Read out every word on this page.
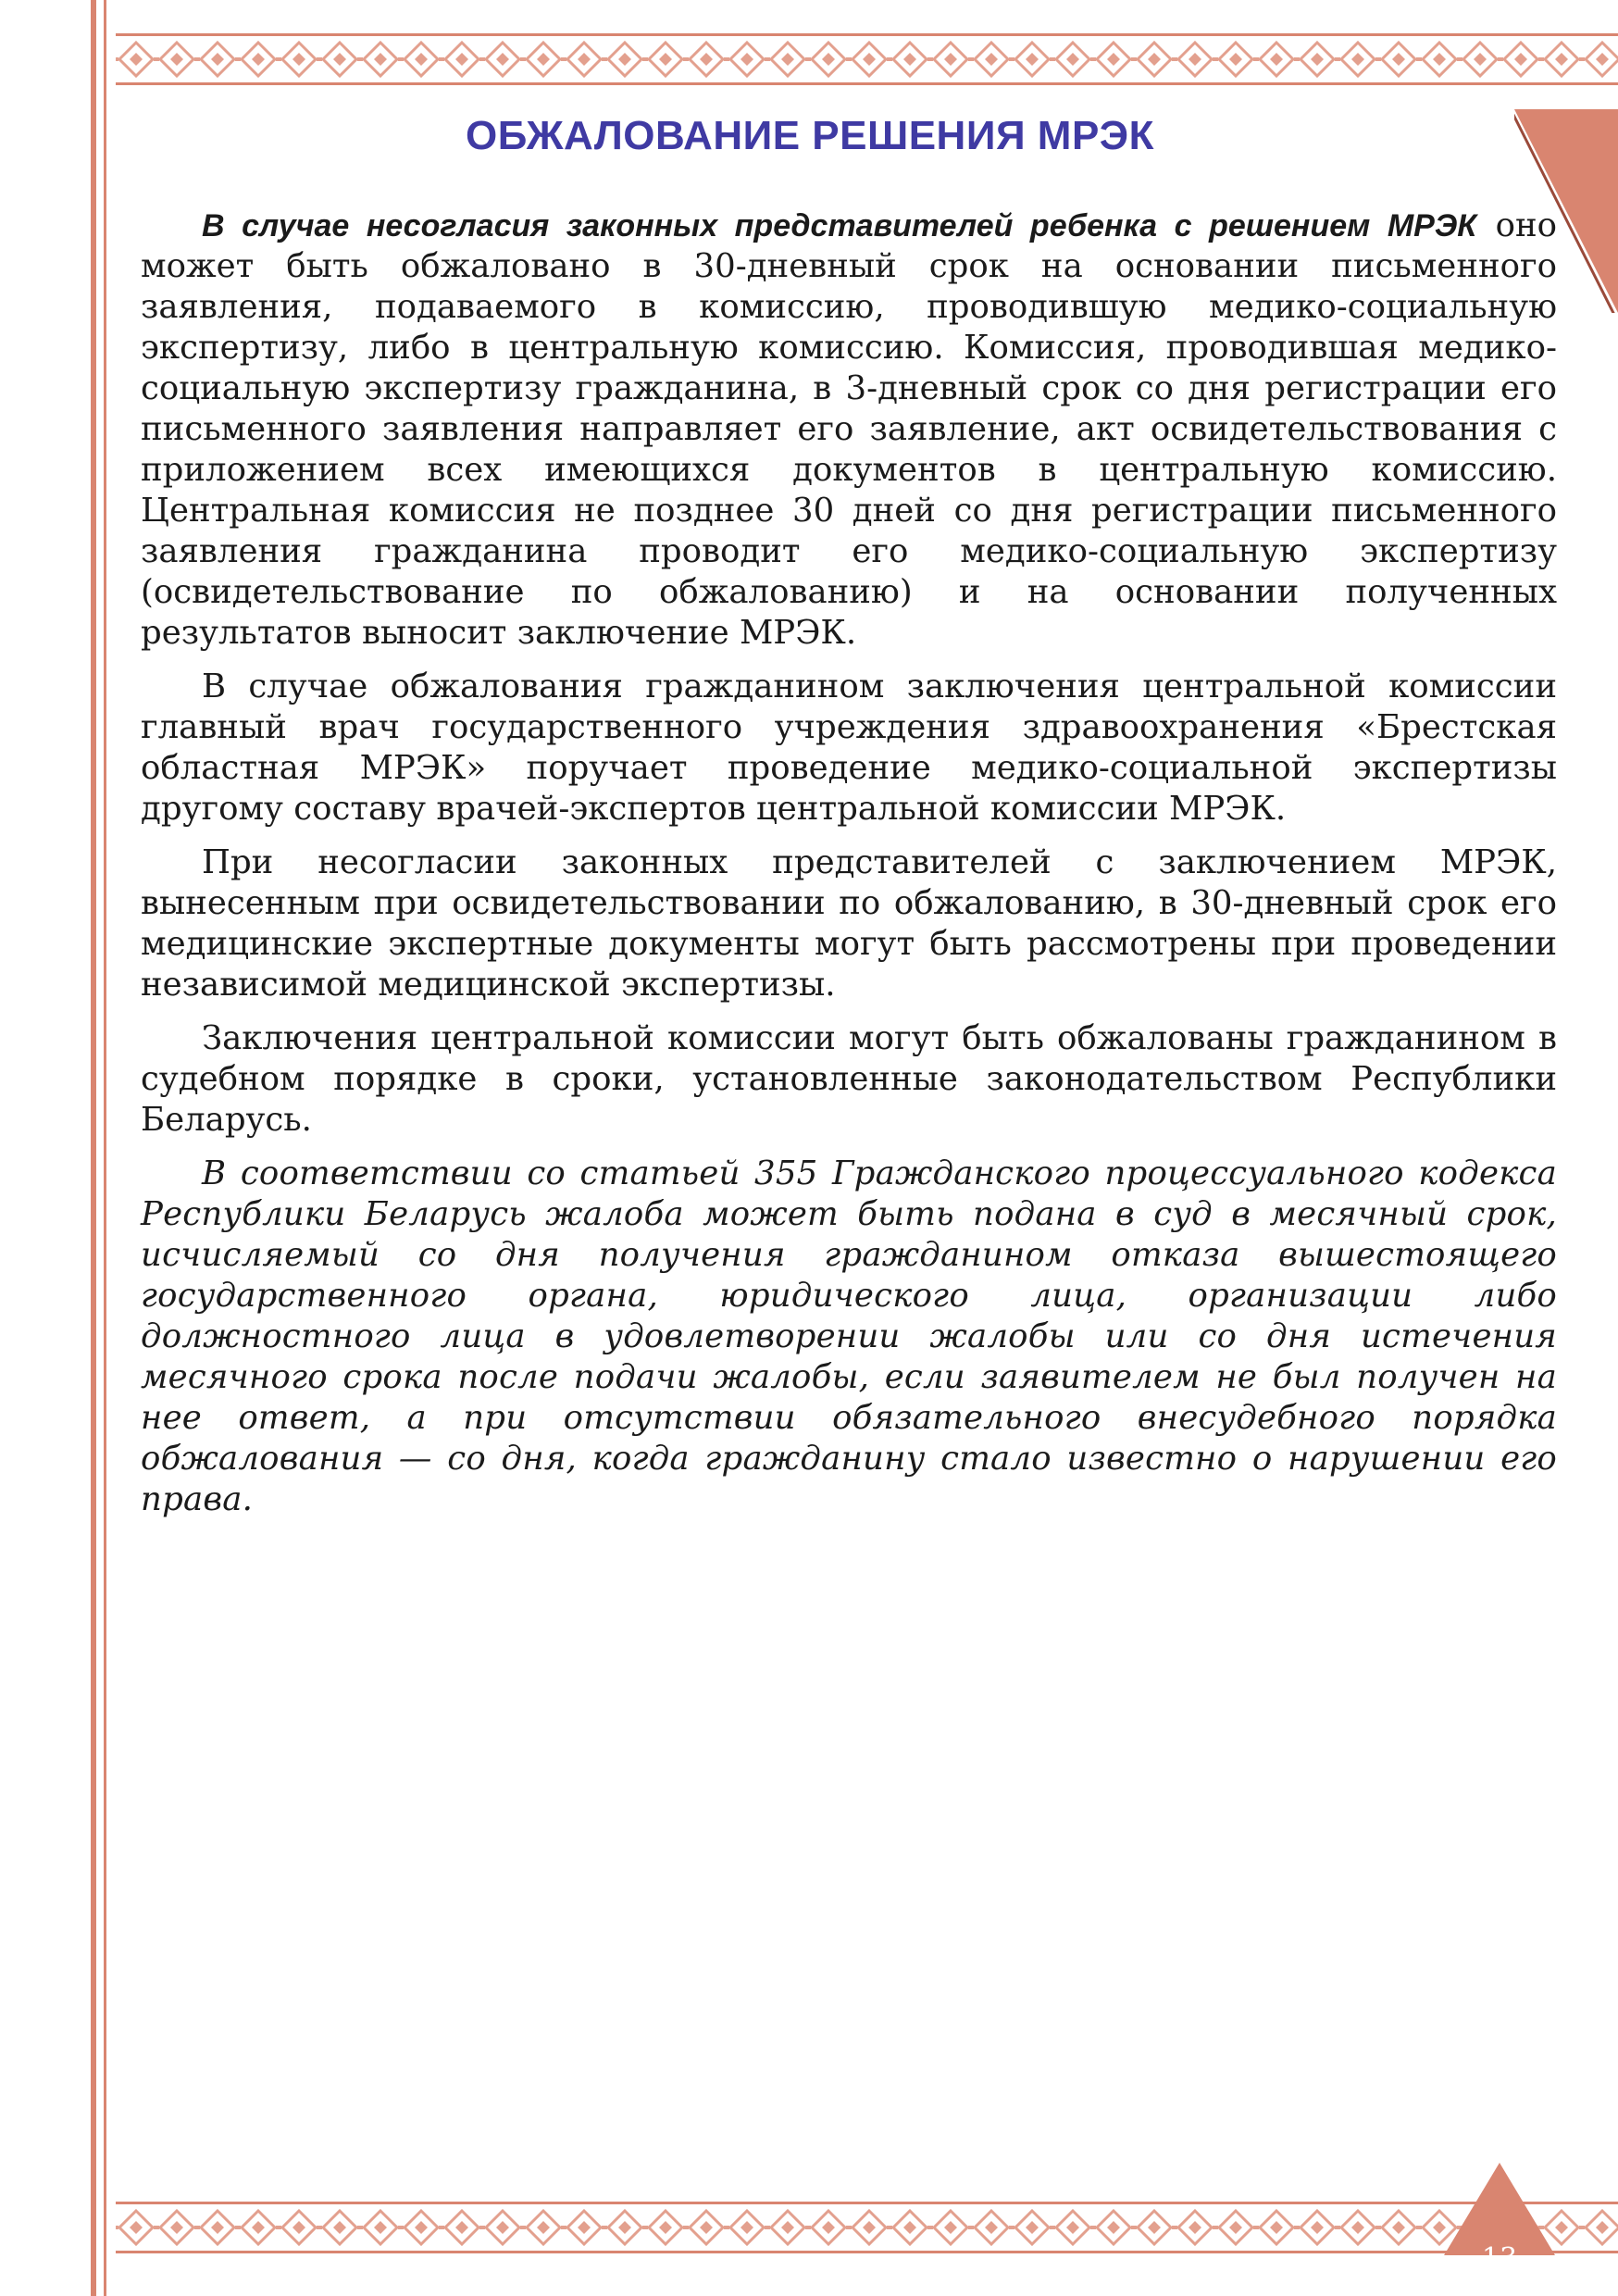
ОБЖАЛОВАНИЕ РЕШЕНИЯ МРЭК

В случае несогласия законных представителей ребенка с решением МРЭК оно может быть обжаловано в 30-дневный срок на основании письменного заявления, подаваемого в комиссию, проводившую медико-социальную экспертизу, либо в центральную комиссию. Комиссия, проводившая медико-социальную экспертизу гражданина, в 3-дневный срок со дня регистрации его письменного заявления направляет его заявление, акт освидетельствования с приложением всех имеющихся документов в центральную комиссию. Центральная комиссия не позднее 30 дней со дня регистрации письменного заявления гражданина проводит его медико-социальную экспертизу (освидетельствование по обжалованию) и на основании полученных результатов выносит заключение МРЭК.

В случае обжалования гражданином заключения центральной комиссии главный врач государственного учреждения здравоохранения «Брестская областная МРЭК» поручает проведение медико-социальной экспертизы другому составу врачей-экспертов центральной комиссии МРЭК.

При несогласии законных представителей с заключением МРЭК, вынесенным при освидетельствовании по обжалованию, в 30-дневный срок его медицинские экспертные документы могут быть рассмотрены при проведении независимой медицинской экспертизы.

Заключения центральной комиссии могут быть обжалованы гражданином в судебном порядке в сроки, установленные законодательством Республики Беларусь.

В соответствии со статьей 355 Гражданского процессуального кодекса Республики Беларусь жалоба может быть подана в суд в месячный срок, исчисляемый со дня получения гражданином отказа вышестоящего государственного органа, юридического лица, организации либо должностного лица в удовлетворении жалобы или со дня истечения месячного срока после подачи жалобы, если заявителем не был получен на нее ответ, а при отсутствии обязательного внесудебного порядка обжалования — со дня, когда гражданину стало известно о нарушении его права.

13
